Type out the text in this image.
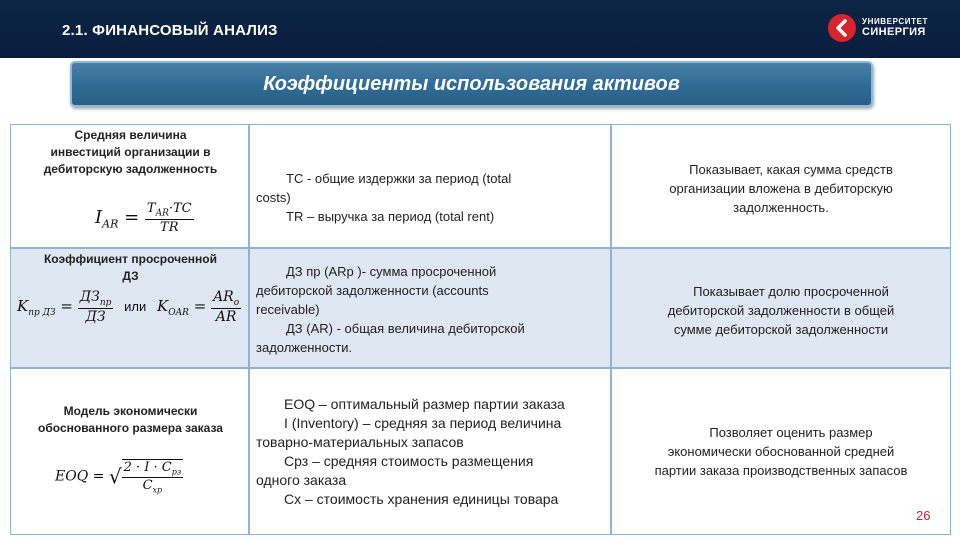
2.1. ФИНАНСОВЫЙ АНАЛИЗ
УНИВЕРСИТЕТ
СИНЕРГИЯ
Коэффициенты использования активов
Средняя величина
инвестиций организации в
дебиторскую задолженность
$I_{AR} = \frac{T_{AR}\cdot TC}{TR}$
TC - общие издержки за период (total
costs)
TR – выручка за период (total rent)
Показывает, какая сумма средств
организации вложена в дебиторскую
задолженность.
Коэффициент просроченной
ДЗ
$K_{пр ДЗ} = \frac{ДЗ_{пр}}{ДЗ}$ или $K_{OAR} = \frac{AR_o}{AR}$
ДЗ пр (ARp )- сумма просроченной
дебиторской задолженности (accounts
receivable)
ДЗ (AR) - общая величина дебиторской
задолженности.
Показывает долю просроченной
дебиторской задолженности в общей
сумме дебиторской задолженности
Модель экономически
обоснованного размера заказа
EOQ = √ $\frac{2 \cdot I \cdot C_{рз}}{C_{хр}}$
EOQ – оптимальный размер партии заказа
I (Inventory) – средняя за период величина
товарно-материальных запасов
Cрз – средняя стоимость размещения
одного заказа
Cх – стоимость хранения единицы товара
Позволяет оценить размер
экономически обоснованной средней
партии заказа производственных запасов
26
